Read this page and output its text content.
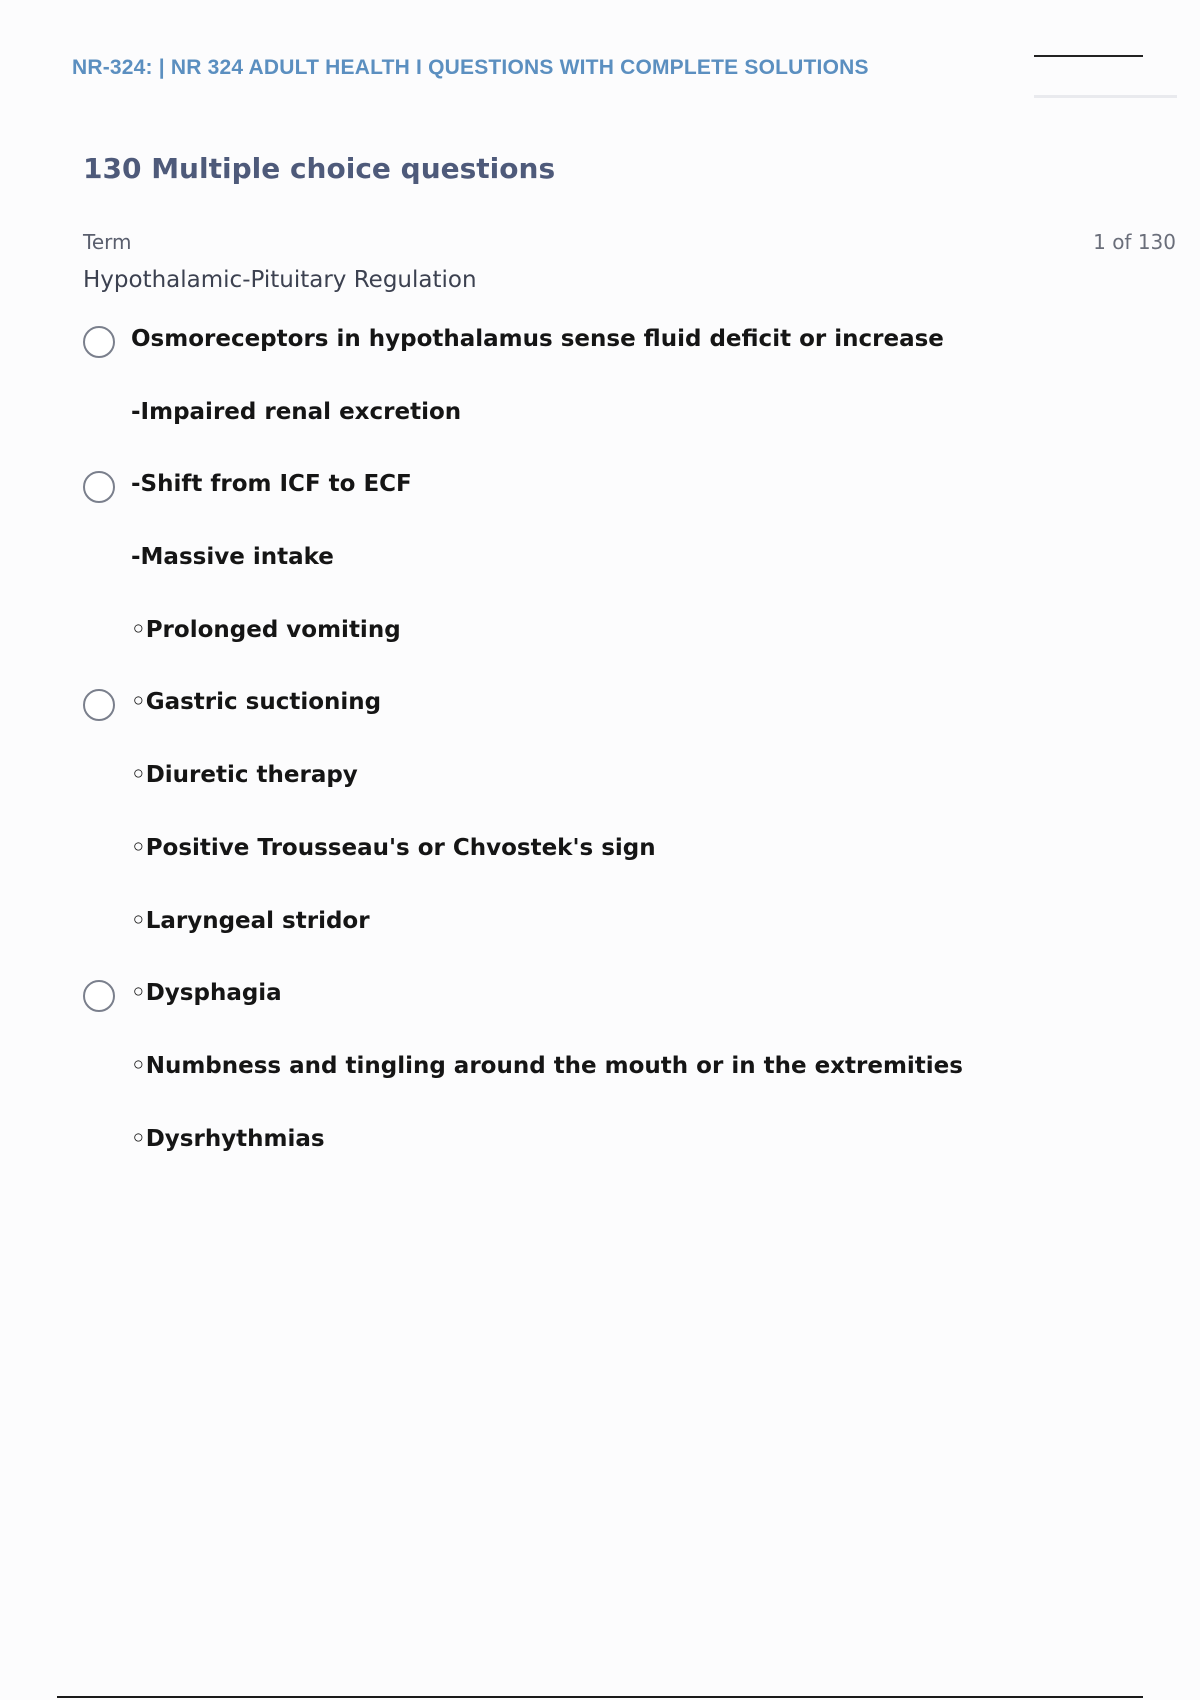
NR-324: | NR 324 ADULT HEALTH I QUESTIONS WITH COMPLETE SOLUTIONS
130 Multiple choice questions
Term	1 of 130
Hypothalamic-Pituitary Regulation
Osmoreceptors in hypothalamus sense fluid deficit or increase
-Impaired renal excretion
-Shift from ICF to ECF
-Massive intake
◦Prolonged vomiting
◦Gastric suctioning
◦Diuretic therapy
◦Positive Trousseau's or Chvostek's sign
◦Laryngeal stridor
◦Dysphagia
◦Numbness and tingling around the mouth or in the extremities
◦Dysrhythmias
